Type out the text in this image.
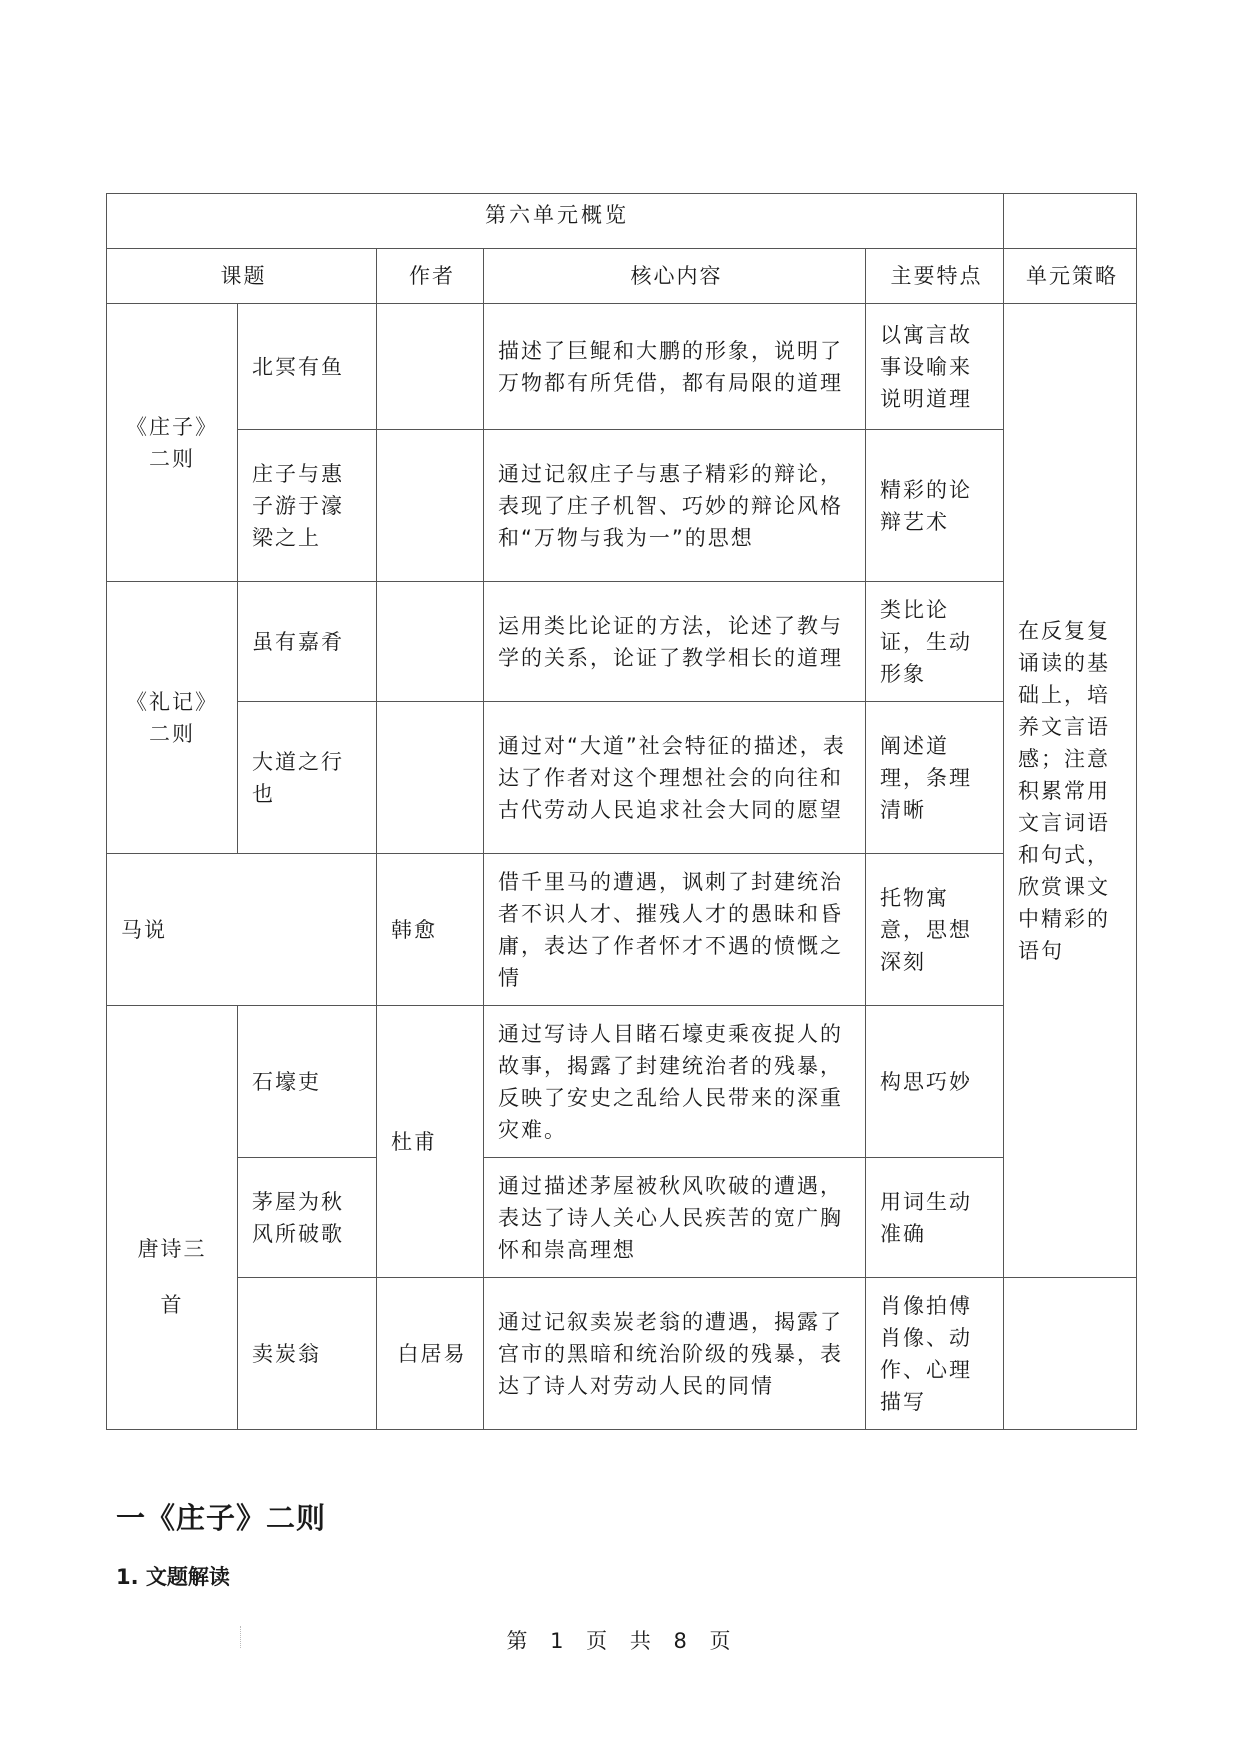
第六单元概览					

课题		作者	核心内容	主要特点	单元策略
《庄子》二则	北冥有鱼		描述了巨鲲和大鹏的形象，说明了万物都有所凭借，都有局限的道理	以寓言故事设喻来说明道理	在反复复诵读的基础上，培养文言语感；注意积累常用文言词语和句式，欣赏课文中精彩的语句
	庄子与惠子游于濠梁之上		通过记叙庄子与惠子精彩的辩论，表现了庄子机智、巧妙的辩论风格和“万物与我为一”的思想	精彩的论辩艺术	
《礼记》二则	虽有嘉肴		运用类比论证的方法，论述了教与学的关系，论证了教学相长的道理	类比论证，生动形象	
	大道之行也		通过对“大道”社会特征的描述，表达了作者对这个理想社会的向往和古代劳动人民追求社会大同的愿望	阐述道理，条理清晰	
马说		韩愈	借千里马的遭遇，讽刺了封建统治者不识人才、摧残人才的愚昧和昏庸，表达了作者怀才不遇的愤慨之情	托物寓意，思想深刻	
唐诗三首	石壕吏	杜甫	通过写诗人目睹石壕吏乘夜捉人的故事，揭露了封建统治者的残暴，反映了安史之乱给人民带来的深重灾难。	构思巧妙	
	茅屋为秋风所破歌		通过描述茅屋被秋风吹破的遭遇，表达了诗人关心人民疾苦的宽广胸怀和崇高理想	用词生动准确	
	卖炭翁	白居易	通过记叙卖炭老翁的遭遇，揭露了宫市的黑暗和统治阶级的残暴，表达了诗人对劳动人民的同情	肖像拍傅肖像、动作、心理描写	
一《庄子》二则
1. 文题解读
第 1 页 共 8 页
